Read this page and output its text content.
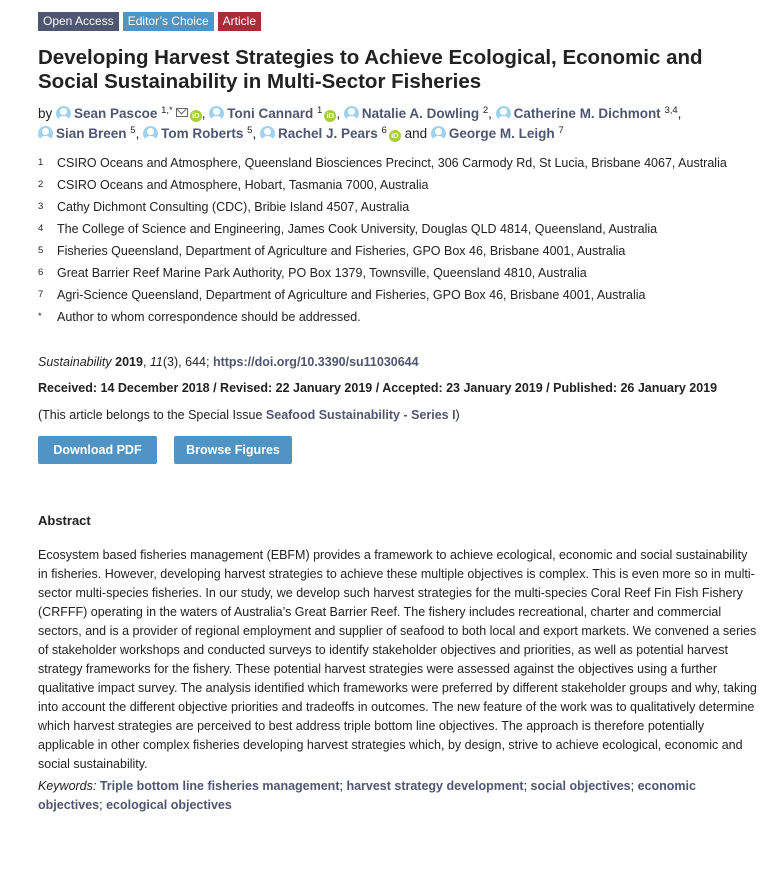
Open Access	Editor’s Choice	Article
Developing Harvest Strategies to Achieve Ecological, Economic and Social Sustainability in Multi-Sector Fisheries
by Sean Pascoe $^{1,*}$	iD , Toni Cannard $^1$ iD , Natalie A. Dowling $^2$, Catherine M. Dichmont $^{3,4}$, Sian Breen $^5$, Tom Roberts $^5$, Rachel J. Pears $^6$ iD and George M. Leigh $^7$
1	CSIRO Oceans and Atmosphere, Queensland Biosciences Precinct, 306 Carmody Rd, St Lucia, Brisbane 4067, Australia
2	CSIRO Oceans and Atmosphere, Hobart, Tasmania 7000, Australia
3	Cathy Dichmont Consulting (CDC), Bribie Island 4507, Australia
4	The College of Science and Engineering, James Cook University, Douglas QLD 4814, Queensland, Australia
5	Fisheries Queensland, Department of Agriculture and Fisheries, GPO Box 46, Brisbane 4001, Australia
6	Great Barrier Reef Marine Park Authority, PO Box 1379, Townsville, Queensland 4810, Australia
7	Agri-Science Queensland, Department of Agriculture and Fisheries, GPO Box 46, Brisbane 4001, Australia
*	Author to whom correspondence should be addressed.
Sustainability 2019, 11(3), 644; https://doi.org/10.3390/su11030644
Received: 14 December 2018 / Revised: 22 January 2019 / Accepted: 23 January 2019 / Published: 26 January 2019
(This article belongs to the Special Issue Seafood Sustainability - Series I)
Download PDF	Browse Figures
Abstract
Ecosystem based fisheries management (EBFM) provides a framework to achieve ecological, economic and social sustainability in fisheries. However, developing harvest strategies to achieve these multiple objectives is complex. This is even more so in multi-sector multi-species fisheries. In our study, we develop such harvest strategies for the multi-species Coral Reef Fin Fish Fishery (CRFFF) operating in the waters of Australia’s Great Barrier Reef. The fishery includes recreational, charter and commercial sectors, and is a provider of regional employment and supplier of seafood to both local and export markets. We convened a series of stakeholder workshops and conducted surveys to identify stakeholder objectives and priorities, as well as potential harvest strategy frameworks for the fishery. These potential harvest strategies were assessed against the objectives using a further qualitative impact survey. The analysis identified which frameworks were preferred by different stakeholder groups and why, taking into account the different objective priorities and tradeoffs in outcomes. The new feature of the work was to qualitatively determine which harvest strategies are perceived to best address triple bottom line objectives. The approach is therefore potentially applicable in other complex fisheries developing harvest strategies which, by design, strive to achieve ecological, economic and social sustainability.
Keywords: Triple bottom line fisheries management; harvest strategy development; social objectives; economic objectives; ecological objectives
